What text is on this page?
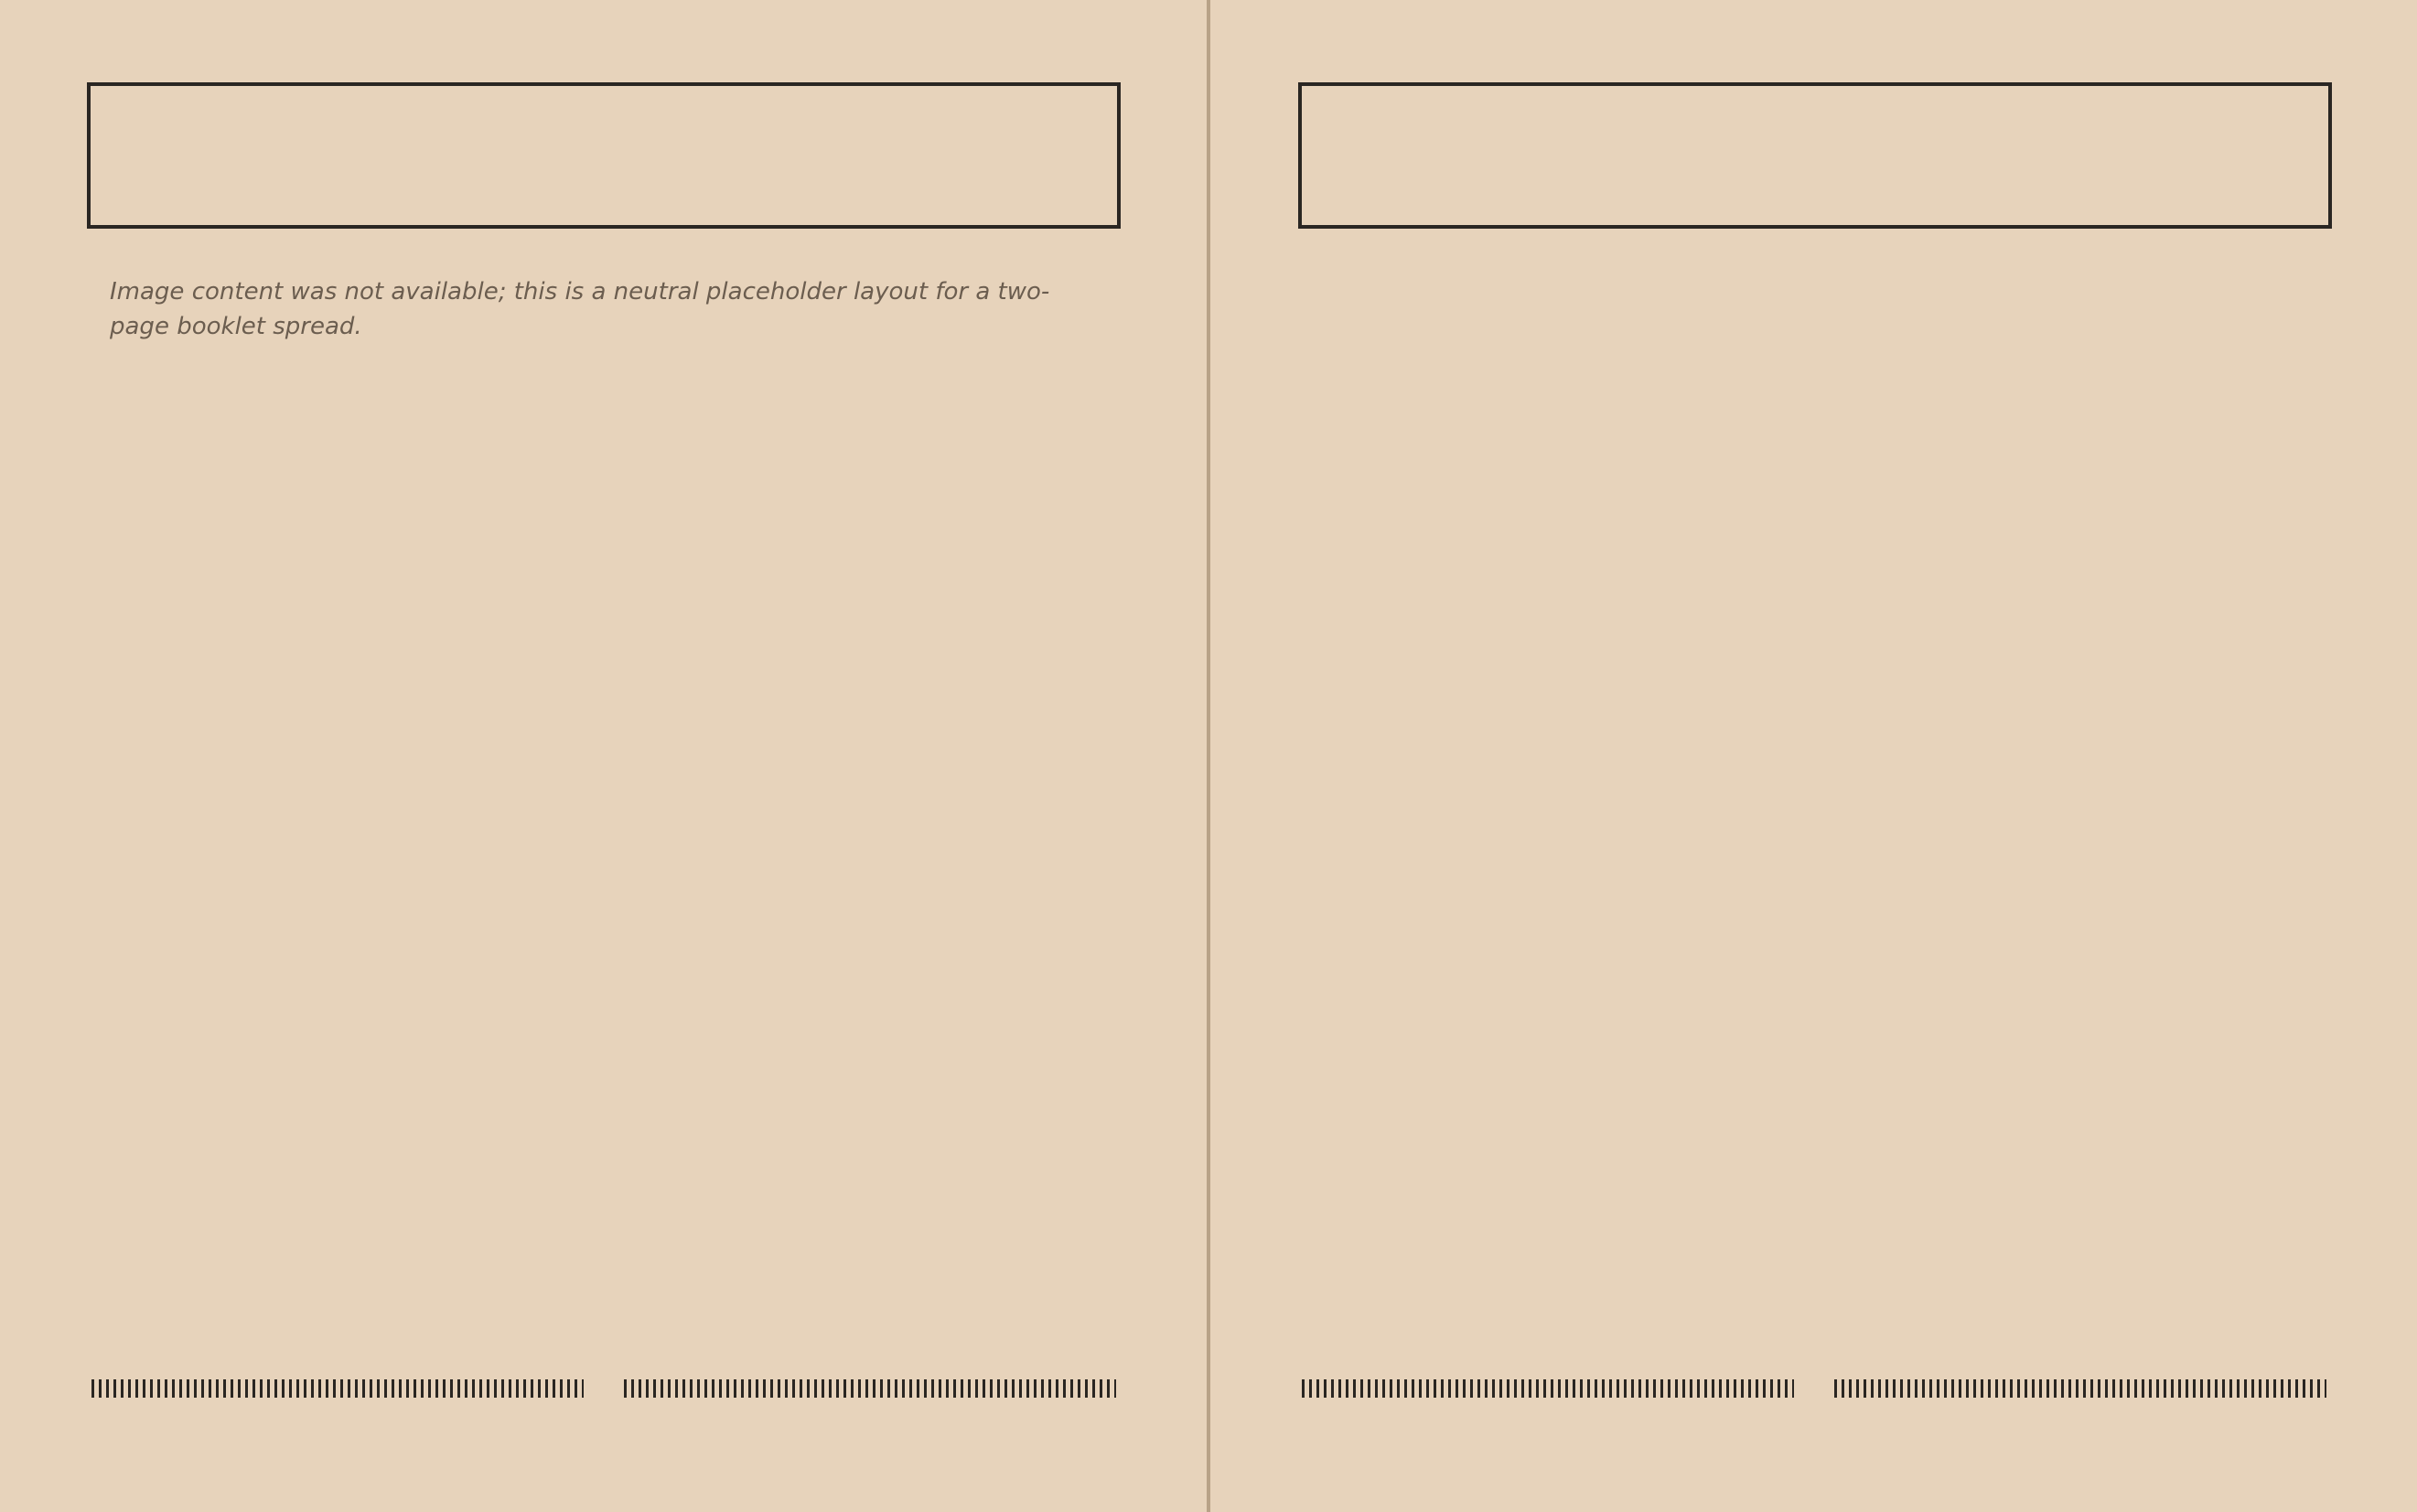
Image content was not available; this is a neutral placeholder layout for a two-page booklet spread.
